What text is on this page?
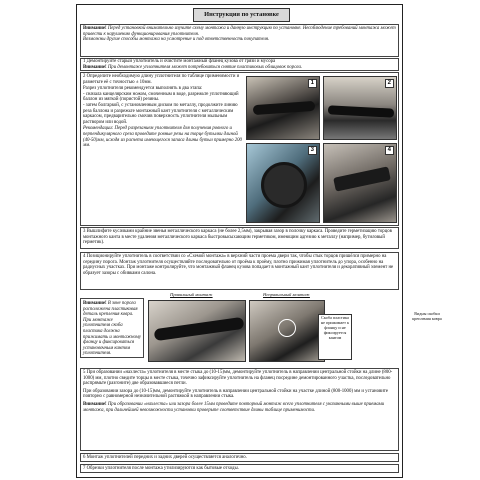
Инструкция по установке

Внимание! Перед установкой внимательно изучите схему монтажа и данную инструкцию по установке. Несоблюдение требований монтажа может привести к нарушению функционирования уплотнителя.

Возможны другие способы монтажа на усмотрение и под ответственность покупателя.

1 Демонтируйте старый уплотнитель и очистите монтажный фланец кузова от грязи и мусора

Внимание! При демонтаже уплотнителя может потребоваться снятие пластиковых облицовок порога.

2 Определите необходимую длину уплотнителя по таблице применимости и разметьте её с точностью ± 10мм.

Разрез уплотнителя рекомендуется выполнять в два этапа:

- сначала канцелярским ножом, смоченным в воде, разрежьте уплотняющий баллон из мягкой (пористой) резины.

- затем болгаркой, с установленным диском по металлу, продолжите линию реза баллона и разрежьте монтажный кант уплотнителя с металлическим каркасом, предварительно смочив поверхность уплотнителя мыльным раствором или водой.

Рекомендации: Перед разрезанием уплотнителя для получения ровного и перпендикулярного среза проведите ровные резы на торце бутылки длиной (40-50)мм, исходя из расчета имеющегося запаса длины бутыл примерно 200 мм.

1	2
3	4

3 Вышлифите кусачками крайние звенья металлического каркаса (не более 2,5мм), закрывая зазор в полочку каркаса. Проведите герметизацию торцов монтажного канта в месте удаления металлического каркаса быстровысыхающим герметиком, имеющим адгезию к металлу (например, бутиловый герметик).

4 Позиционируйте уплотнитель в соответствии со «Схемой монтажа» в верхний части проема двери так, чтобы стык торцов пришёлся примерно на середину порога. Монтаж уплотнителя осуществляйте последовательно от проёма к проёму, плотно прижимая уплотнитель до упора, особенно на радиусных участках. При монтаже контролируйте, что монтажный фланец кузова попадает в монтажный кант уплотнителя и декоративный элемент не образует зазоры с обивками салона.

Внимание! В зоне порога расположена пластиковая деталь крепления ковра. При монтаже уплотнителя скоба пластика должна прижимать и монтажному фланцу и фиксироваться установочным кантом уплотнителя.

Правильный монтаж	Неправильный монтаж
Видны скобки крепления ковра

5 При образовании «нахлеста» уплотнителя в месте стыка до (10-15)мм, демонтируйте уплотнитель в направлении центральной стойки на длине (800-1000) мм, плотно сведите торцы в месте стыка, точечно зафиксируйте уплотнитель на фланец посредине демонтированного участка, последовательно распрямьте (разгоните) две образовавшиеся петли.

При образовании зазора до (10-15)мм, демонтируйте уплотнитель в направлении центральной стойки на участке длиной (800-1000) мм и установите повторно с равномерной незначительной растяжкой в направлении стыка.

Внимание! При образовании «нахлеста» или зазора более 15мм проведите повторный монтаж всего уплотнителя с указанными выше приемами монтажа, при дальнейшей невозможности установки проверьте соответствие длины таблице применимости.

6 Монтаж уплотнителей передних и задних дверей осуществляется аналогично.

7 Обрезки уплотнителя после монтажа утилизируются как бытовые отходы.

Скоба пластика не прижимает к фланцу и не фиксируется кантом
